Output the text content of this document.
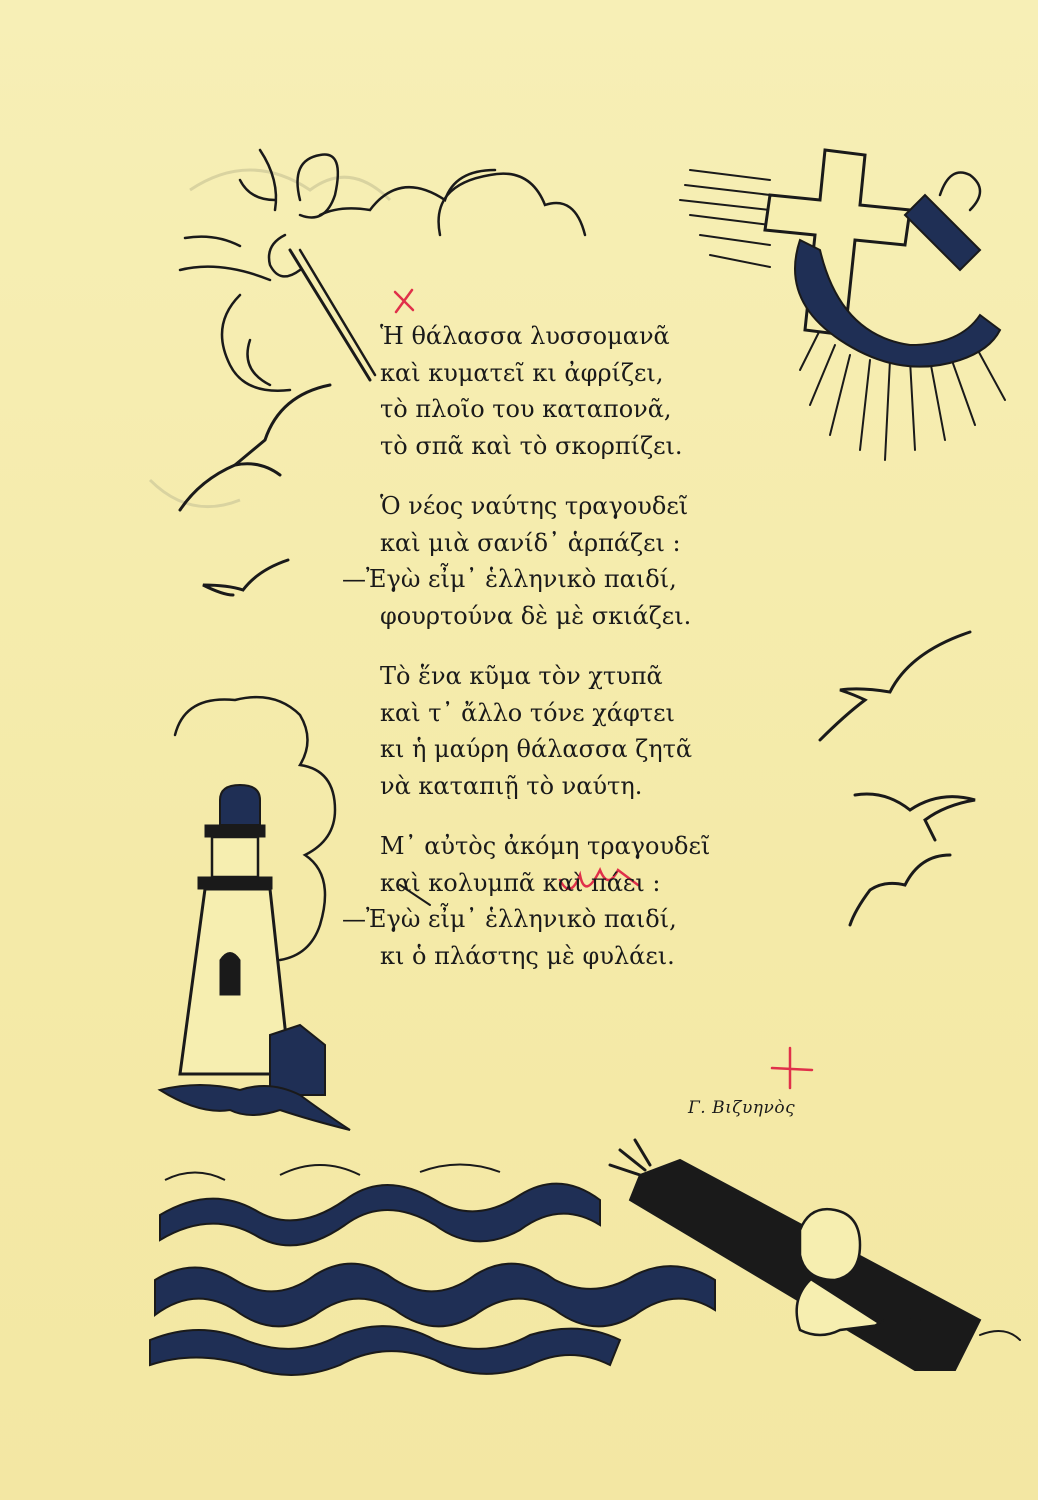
Ἡ θάλασσα λυσσομανᾶ
καὶ κυματεῖ κι ἀφρίζει,
τὸ πλοῖο του καταπονᾶ,
τὸ σπᾶ καὶ τὸ σκορπίζει.
Ὁ νέος ναύτης τραγουδεῖ
καὶ μιὰ σανίδ᾽ ἁρπάζει :
—Ἐγὼ εἶμ᾽ ἑλληνικὸ παιδί,
φουρτούνα δὲ μὲ σκιάζει.
Τὸ ἕνα κῦμα τὸν χτυπᾶ
καὶ τ᾽ ἄλλο τόνε χάφτει
κι ἡ μαύρη θάλασσα ζητᾶ
νὰ καταπιῇ τὸ ναύτη.
Μ᾽ αὐτὸς ἀκόμη τραγουδεῖ
καὶ κολυμπᾶ καὶ πάει :
—Ἐγὼ εἶμ᾽ ἑλληνικὸ παιδί,
κι ὁ πλάστης μὲ φυλάει.
Γ. Βιζυηνὸς
